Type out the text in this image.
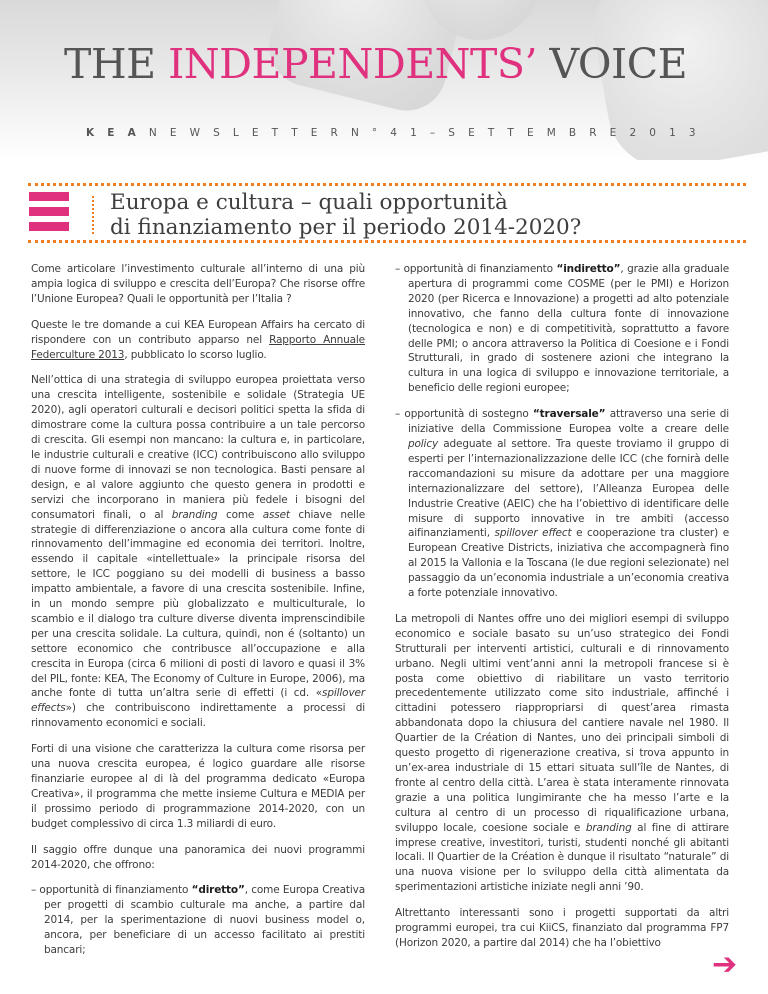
THE INDEPENDENTS’ VOICE
K E A N E W S L E T T E R N ° 4 1 – S E T T E M B R E 2 0 1 3
Europa e cultura – quali opportunità
di finanziamento per il periodo 2014-2020?

Come articolare l’investimento culturale all’interno di una più ampia logica di sviluppo e crescita dell’Europa? Che risorse offre l’Unione Europea? Quali le opportunità per l’Italia ?

Queste le tre domande a cui KEA European Affairs ha cercato di rispondere con un contributo apparso nel Rapporto Annuale Federculture 2013, pubblicato lo scorso luglio.

Nell’ottica di una strategia di sviluppo europea proiettata verso una crescita intelligente, sostenibile e solidale (Strategia UE 2020), agli operatori culturali e decisori politici spetta la sfida di dimostrare come la cultura possa contribuire a un tale percorso di crescita. Gli esempi non mancano: la cultura e, in particolare, le industrie culturali e creative (ICC) contribuiscono allo sviluppo di nuove forme di innovazi se non tecnologica. Basti pensare al design, e al valore aggiunto che questo genera in prodotti e servizi che incorporano in maniera più fedele i bisogni del consumatori finali, o al branding come asset chiave nelle strategie di differenziazione o ancora alla cultura come fonte di rinnovamento dell’immagine ed economia dei territori. Inoltre, essendo il capitale «intellettuale» la principale risorsa del settore, le ICC poggiano su dei modelli di business a basso impatto ambientale, a favore di una crescita sostenibile. Infine, in un mondo sempre più globalizzato e multiculturale, lo scambio e il dialogo tra culture diverse diventa imprenscindibile per una crescita solidale. La cultura, quindi, non é (soltanto) un settore economico che contribusce all’occupazione e alla crescita in Europa (circa 6 milioni di posti di lavoro e quasi il 3% del PIL, fonte: KEA, The Economy of Culture in Europe, 2006), ma anche fonte di tutta un’altra serie di effetti (i cd. «spillover effects») che contribuiscono indirettamente a processi di rinnovamento economici e sociali.

Forti di una visione che caratterizza la cultura come risorsa per una nuova crescita europea, é logico guardare alle risorse finanziarie europee al di là del programma dedicato «Europa Creativa», il programma che mette insieme Cultura e MEDIA per il prossimo periodo di programmazione 2014-2020, con un budget complessivo di circa 1.3 miliardi di euro.

Il saggio offre dunque una panoramica dei nuovi programmi 2014-2020, che offrono:

– opportunità di finanziamento “diretto”, come Europa Creativa per progetti di scambio culturale ma anche, a partire dal 2014, per la sperimentazione di nuovi business model o, ancora, per beneficiare di un accesso facilitato ai prestiti bancari;

– opportunità di finanziamento “indiretto”, grazie alla graduale apertura di programmi come COSME (per le PMI) e Horizon 2020 (per Ricerca e Innovazione) a progetti ad alto potenziale innovativo, che fanno della cultura fonte di innovazione (tecnologica e non) e di competitività, soprattutto a favore delle PMI; o ancora attraverso la Politica di Coesione e i Fondi Strutturali, in grado di sostenere azioni che integrano la cultura in una logica di sviluppo e innovazione territoriale, a beneficio delle regioni europee;

– opportunità di sostegno “traversale” attraverso una serie di iniziative della Commissione Europea volte a creare delle policy adeguate al settore. Tra queste troviamo il gruppo di esperti per l’internazionalizzazione delle ICC (che fornirà delle raccomandazioni su misure da adottare per una maggiore internazionalizzare del settore), l’Alleanza Europea delle Industrie Creative (AEIC) che ha l’obiettivo di identificare delle misure di supporto innovative in tre ambiti (accesso aifinanziamenti, spillover effect e cooperazione tra cluster) e European Creative Districts, iniziativa che accompagnerà fino al 2015 la Vallonia e la Toscana (le due regioni selezionate) nel passaggio da un’economia industriale a un’economia creativa a forte potenziale innovativo.

La metropoli di Nantes offre uno dei migliori esempi di sviluppo economico e sociale basato su un’uso strategico dei Fondi Strutturali per interventi artistici, culturali e di rinnovamento urbano. Negli ultimi vent’anni anni la metropoli francese si è posta come obiettivo di riabilitare un vasto territorio precedentemente utilizzato come sito industriale, affinché i cittadini potessero riappropriarsi di quest’area rimasta abbandonata dopo la chiusura del cantiere navale nel 1980. Il Quartier de la Création di Nantes, uno dei principali simboli di questo progetto di rigenerazione creativa, si trova appunto in un’ex-area industriale di 15 ettari situata sull’île de Nantes, di fronte al centro della città. L’area è stata interamente rinnovata grazie a una politica lungimirante che ha messo l’arte e la cultura al centro di un processo di riqualificazione urbana, sviluppo locale, coesione sociale e branding al fine di attirare imprese creative, investitori, turisti, studenti nonché gli abitanti locali. Il Quartier de la Création è dunque il risultato “naturale” di una nuova visione per lo sviluppo della città alimentata da sperimentazioni artistiche iniziate negli anni ’90.

Altrettanto interessanti sono i progetti supportati da altri programmi europei, tra cui KiiCS, finanziato dal programma FP7 (Horizon 2020, a partire dal 2014) che ha l’obiettivo

➔
